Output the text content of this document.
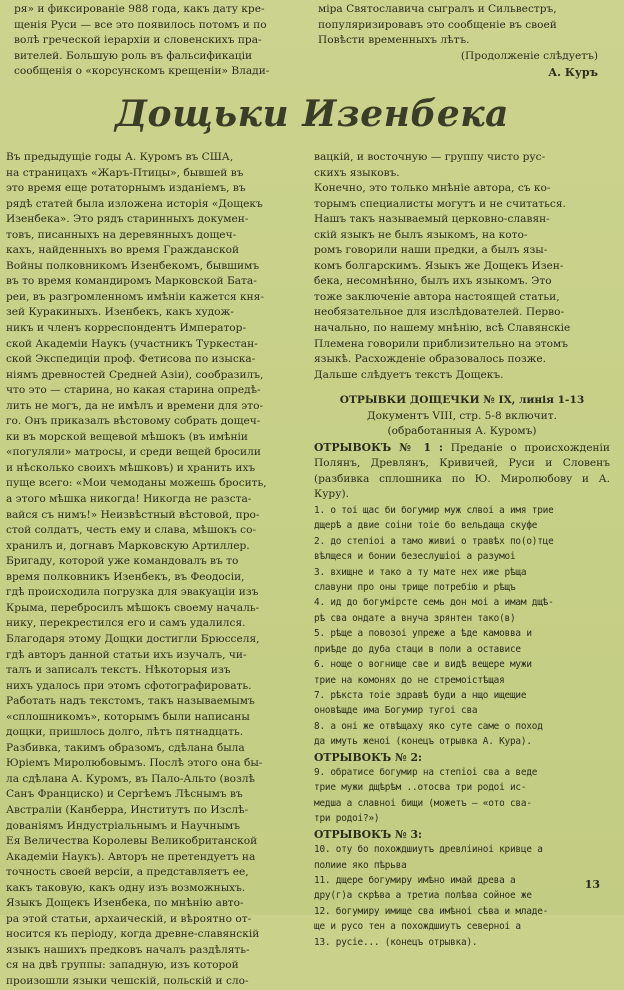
ря» и фиксированіе 988 года, какъ дату кре-
щенія Руси — все это появилось потомъ и по
волѣ греческой іерархіи и словенскихъ пра-
вителей. Большую роль въ фальсификаціи
сообщенія о «корсунскомъ крещеніи» Влади-
міра Святославича сыгралъ и Сильвестръ,
популяризировавъ это сообщеніе въ своей
Повѣсти временныхъ лѣтъ.
(Продолженіе слѣдуетъ)
А. Куръ
Дощьки Изенбека
Въ предыдущіе годы А. Куромъ въ США,
на страницахъ «Жаръ-Птицы», бывшей въ
это время еще ротаторнымъ изданіемъ, въ
рядѣ статей была изложена исторія «Дощекъ
Изенбека». Это рядъ старинныхъ докумен-
товъ, писанныхъ на деревянныхъ дощеч-
кахъ, найденныхъ во время Гражданской
Войны полковникомъ Изенбекомъ, бывшимъ
въ то время командиромъ Марковской Бата-
реи, въ разгромленномъ имѣніи кажется кня-
зей Куракиныхъ. Изенбекъ, какъ худож-
никъ и членъ корреспондентъ Император-
ской Академіи Наукъ (участникъ Туркестан-
ской Экспедиціи проф. Фетисова по изыска-
ніямъ древностей Средней Азіи), сообразилъ,
что это — старина, но какая старина опредѣ-
лить не могъ, да не имѣлъ и времени для это-
го. Онъ приказалъ вѣстовому собрать дощеч-
ки въ морской вещевой мѣшокъ (въ имѣніи
«погуляли» матросы, и среди вещей бросили
и нѣсколько своихъ мѣшковъ) и хранить ихъ
пуще всего: «Мои чемоданы можешь бросить,
а этого мѣшка никогда! Никогда не разста-
вайся съ нимъ!» Неизвѣстный вѣстовой, про-
стой солдатъ, честь ему и слава, мѣшокъ со-
хранилъ и, догнавъ Марковскую Артиллер.
Бригаду, которой уже командовалъ въ то
время полковникъ Изенбекъ, въ Феодосіи,
гдѣ происходила погрузка для эвакуаціи изъ
Крыма, перебросилъ мѣшокъ своему началь-
нику, перекрестился его и самъ удалился.
Благодаря этому Дощки достигли Брюсселя,
гдѣ авторъ данной статьи ихъ изучалъ, чи-
талъ и записалъ текстъ. Нѣкоторыя изъ
нихъ удалось при этомъ сфотографировать.
Работать надъ текстомъ, такъ называемымъ
«сплошникомъ», которымъ были написаны
дощки, пришлось долго, лѣтъ пятнадцать.
Разбивка, такимъ образомъ, сдѣлана была
Юріемъ Миролюбовымъ. Послѣ этого она бы-
ла сдѣлана А. Куромъ, въ Пало-Альто (возлѣ
Санъ Франциско) и Сергѣемъ Лѣснымъ въ
Австраліи (Канберра, Институтъ по Изслѣ-
дованіямъ Индустріальнымъ и Научнымъ
Ея Величества Королевы Великобританской
Академіи Наукъ). Авторъ не претендуетъ на
точность своей версіи, а представляетъ ее,
какъ таковую, какъ одну изъ возможныхъ.
Языкъ Дощекъ Изенбека, по мнѣнію авто-
ра этой статьи, архаическій, и вѣроятно от-
носится къ періоду, когда древне-славянскій
языкъ нашихъ предковъ началъ раздѣлять-
ся на двѣ группы: западную, изъ которой
произошли языки чешскій, польскій и сло-
вацкій, и восточную — группу чисто рус-
скихъ языковъ.
Конечно, это только мнѣніе автора, съ ко-
торымъ специалисты могутъ и не считаться.
Нашъ такъ называемый церковно-славян-
скій языкъ не былъ языкомъ, на кото-
ромъ говорили наши предки, а былъ язы-
комъ болгарскимъ. Языкъ же Дощекъ Изен-
бека, несомнѣнно, былъ ихъ языкомъ. Это
тоже заключеніе автора настоящей статьи,
необязательное для изслѣдователей. Перво-
начально, по нашему мнѣнію, всѣ Славянскіе
Племена говорили приблизительно на этомъ
языкѣ. Расхожденіе образовалось позже.
Дальше слѣдуетъ текстъ Дощекъ.
ОТРЫВКИ ДОЩЕЧКИ № IX, линія 1-13
Документъ VIII, стр. 5-8 включит.
(обработанныя А. Куромъ)
ОТРЫВОКЪ № 1 : Преданіе о происхожденіи Полянъ, Древлянъ, Кривичей, Руси и Словенъ (разбивка сплошника по Ю. Миролюбову и А. Куру).
1. о тоі щас би богумир муж слвоі а имя трие
дщерѣ а двие соіни тоіе бо вельдаща скуфе
2. до степіоі а тамо живиі о травѣх по(о)тце
вѣлщеся и бонии безеслушіоі а разумоі
3. вхищне и тако а ту мате нех иже рѣща
славуни про оны трище потребію и рѣщъ
4. ид до богумірсте семь дон моі а имам дщѣ-
рѣ сва ондате а внуча зрянтен тако(в)
5. рѣще а повозоі упреже а ѣде камовва и
приѣде до дуба стаци в поли а остависе
6. ноще о вогнище све и видѣ вещере мужи
трие на комонях до не стремоістѣщая
7. рѣкста тоіе здравѣ буди а нщо ищещие
оновѣщде има Богумир тугоі сва
8. а оні же отвѣщаху яко суте саме о поход
да имуть женоі (конецъ отрывка А. Кура).
ОТРЫВОКЪ № 2:
9. обратисе богумир на степіоі сва а веде
трие мужи дщѣрѣм ..отосва три родоі ис-
медша а славноі бищи (можетъ — «ото сва-
три родоі?»)
ОТРЫВОКЪ № 3:
10. оту бо похождшиутъ древліиноі кривце а
полиие яко пѣрьва
11. дщере богумиру имѣно имай древа а
дру(г)а скрѣва а третиа полѣва сойное же
12. богумиру имище сва имѣноі сѣва и младе-
ще и русо тен а похождшиутъ северноі а
13. русіе... (конецъ отрывка).
13
